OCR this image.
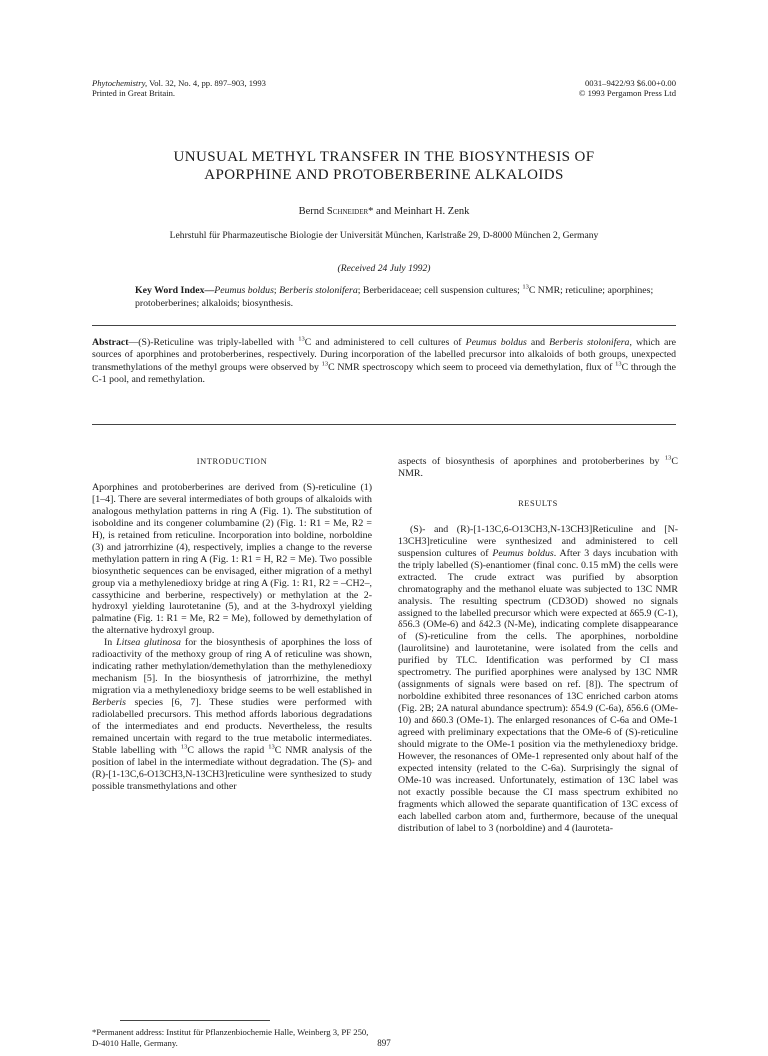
Phytochemistry, Vol. 32, No. 4, pp. 897–903, 1993
Printed in Great Britain.
0031–9422/93 $6.00+0.00
© 1993 Pergamon Press Ltd
UNUSUAL METHYL TRANSFER IN THE BIOSYNTHESIS OF
APORPHINE AND PROTOBERBERINE ALKALOIDS
Bernd Schneider* and Meinhart H. Zenk
Lehrstuhl für Pharmazeutische Biologie der Universität München, Karlstraße 29, D-8000 München 2, Germany
(Received 24 July 1992)
Key Word Index—Peumus boldus; Berberis stolonifera; Berberidaceae; cell suspension cultures; $^{13}$C NMR; reticuline; aporphines; protoberberines; alkaloids; biosynthesis.
Abstract—(S)-Reticuline was triply-labelled with $^{13}$C and administered to cell cultures of Peumus boldus and Berberis stolonifera, which are sources of aporphines and protoberberines, respectively. During incorporation of the labelled precursor into alkaloids of both groups, unexpected transmethylations of the methyl groups were observed by $^{13}$C NMR spectroscopy which seem to proceed via demethylation, flux of $^{13}$C through the C-1 pool, and remethylation.
INTRODUCTION

Aporphines and protoberberines are derived from (S)-reticuline (1) [1–4]. There are several intermediates of both groups of alkaloids with analogous methylation patterns in ring A (Fig. 1). The substitution of isoboldine and its congener columbamine (2) (Fig. 1: R1 = Me, R2 = H), is retained from reticuline. Incorporation into boldine, norboldine (3) and jatrorrhizine (4), respectively, implies a change to the reverse methylation pattern in ring A (Fig. 1: R1 = H, R2 = Me). Two possible biosynthetic sequences can be envisaged, either migration of a methyl group via a methylenedioxy bridge at ring A (Fig. 1: R1, R2 = –CH2–, cassythicine and berberine, respectively) or methylation at the 2-hydroxyl yielding laurotetanine (5), and at the 3-hydroxyl yielding palmatine (Fig. 1: R1 = Me, R2 = Me), followed by demethylation of the alternative hydroxyl group.

In Litsea glutinosa for the biosynthesis of aporphines the loss of radioactivity of the methoxy group of ring A of reticuline was shown, indicating rather methylation/demethylation than the methylenedioxy mechanism [5]. In the biosynthesis of jatrorrhizine, the methyl migration via a methylenedioxy bridge seems to be well established in Berberis species [6, 7]. These studies were performed with radiolabelled precursors. This method affords laborious degradations of the intermediates and end products. Nevertheless, the results remained uncertain with regard to the true metabolic intermediates. Stable labelling with $^{13}$C allows the rapid $^{13}$C NMR analysis of the position of label in the intermediate without degradation. The (S)- and (R)-[1-13C,6-O13CH3,N-13CH3]reticuline were synthesized to study possible transmethylations and other

aspects of biosynthesis of aporphines and protoberberines by $^{13}$C NMR.

RESULTS

(S)- and (R)-[1-13C,6-O13CH3,N-13CH3]Reticuline and [N-13CH3]reticuline were synthesized and administered to cell suspension cultures of Peumus boldus. After 3 days incubation with the triply labelled (S)-enantiomer (final conc. 0.15 mM) the cells were extracted. The crude extract was purified by absorption chromatography and the methanol eluate was subjected to 13C NMR analysis. The resulting spectrum (CD3OD) showed no signals assigned to the labelled precursor which were expected at δ65.9 (C-1), δ56.3 (OMe-6) and δ42.3 (N-Me), indicating complete disappearance of (S)-reticuline from the cells. The aporphines, norboldine (laurolitsine) and laurotetanine, were isolated from the cells and purified by TLC. Identification was performed by CI mass spectrometry. The purified aporphines were analysed by 13C NMR (assignments of signals were based on ref. [8]). The spectrum of norboldine exhibited three resonances of 13C enriched carbon atoms (Fig. 2B; 2A natural abundance spectrum): δ54.9 (C-6a), δ56.6 (OMe-10) and δ60.3 (OMe-1). The enlarged resonances of C-6a and OMe-1 agreed with preliminary expectations that the OMe-6 of (S)-reticuline should migrate to the OMe-1 position via the methylenedioxy bridge. However, the resonances of OMe-1 represented only about half of the expected intensity (related to the C-6a). Surprisingly the signal of OMe-10 was increased. Unfortunately, estimation of 13C label was not exactly possible because the CI mass spectrum exhibited no fragments which allowed the separate quantification of 13C excess of each labelled carbon atom and, furthermore, because of the unequal distribution of label to 3 (norboldine) and 4 (lauroteta-

*Permanent address: Institut für Pflanzenbiochemie Halle, Weinberg 3, PF 250, D-4010 Halle, Germany.	897
